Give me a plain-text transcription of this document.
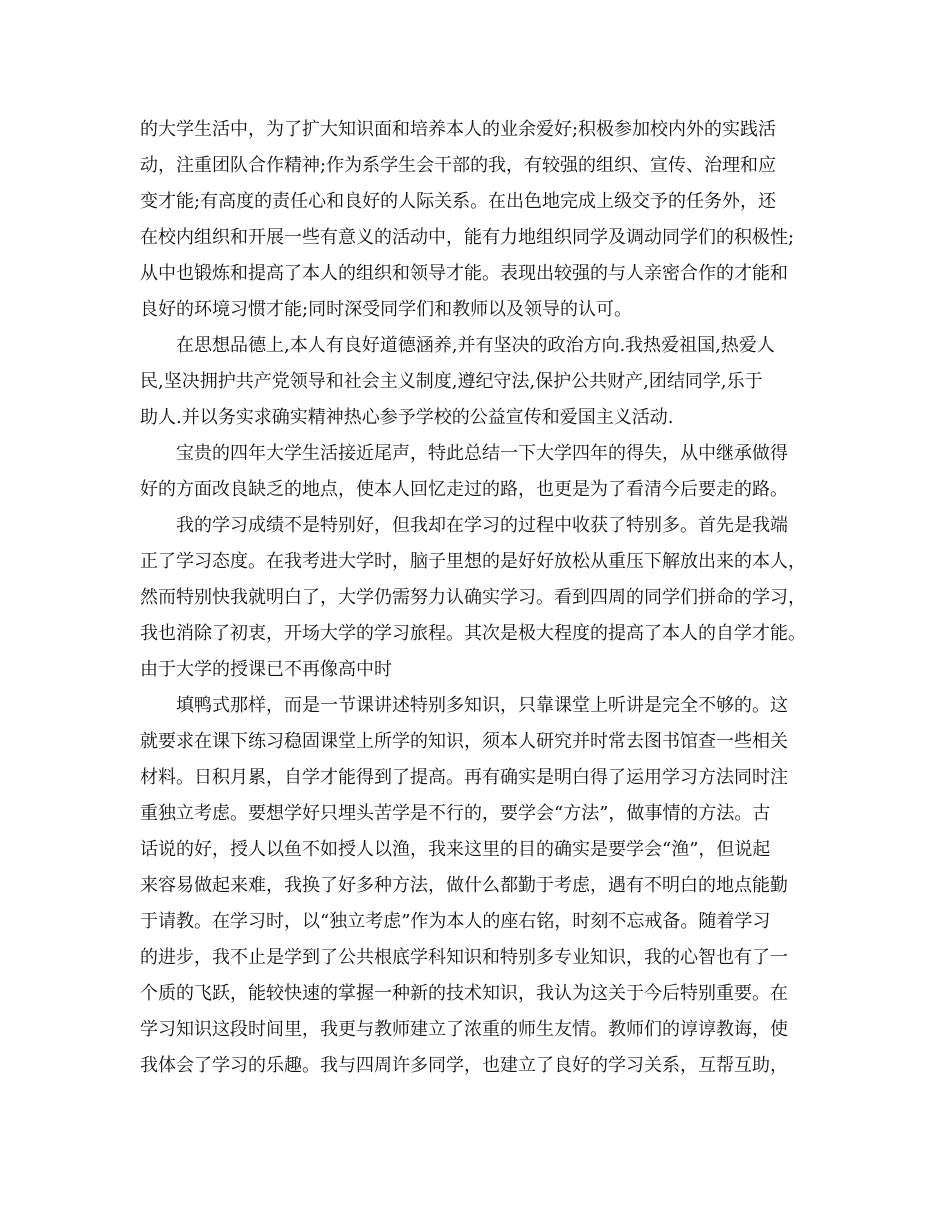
的大学生活中，为了扩大知识面和培养本人的业余爱好;积极参加校内外的实践活
动，注重团队合作精神;作为系学生会干部的我，有较强的组织、宣传、治理和应
变才能;有高度的责任心和良好的人际关系。在出色地完成上级交予的任务外，还
在校内组织和开展一些有意义的活动中，能有力地组织同学及调动同学们的积极性;
从中也锻炼和提高了本人的组织和领导才能。表现出较强的与人亲密合作的才能和
良好的环境习惯才能;同时深受同学们和教师以及领导的认可。
在思想品德上,本人有良好道德涵养,并有坚决的政治方向.我热爱祖国,热爱人
民,坚决拥护共产党领导和社会主义制度,遵纪守法,保护公共财产,团结同学,乐于
助人.并以务实求确实精神热心参予学校的公益宣传和爱国主义活动.
宝贵的四年大学生活接近尾声，特此总结一下大学四年的得失，从中继承做得
好的方面改良缺乏的地点，使本人回忆走过的路，也更是为了看清今后要走的路。
我的学习成绩不是特别好，但我却在学习的过程中收获了特别多。首先是我端
正了学习态度。在我考进大学时，脑子里想的是好好放松从重压下解放出来的本人，
然而特别快我就明白了，大学仍需努力认确实学习。看到四周的同学们拼命的学习，
我也消除了初衷，开场大学的学习旅程。其次是极大程度的提高了本人的自学才能。
由于大学的授课已不再像高中时
填鸭式那样，而是一节课讲述特别多知识，只靠课堂上听讲是完全不够的。这
就要求在课下练习稳固课堂上所学的知识，须本人研究并时常去图书馆查一些相关
材料。日积月累，自学才能得到了提高。再有确实是明白得了运用学习方法同时注
重独立考虑。要想学好只埋头苦学是不行的，要学会“方法”，做事情的方法。古
话说的好，授人以鱼不如授人以渔，我来这里的目的确实是要学会“渔”，但说起
来容易做起来难，我换了好多种方法，做什么都勤于考虑，遇有不明白的地点能勤
于请教。在学习时，以“独立考虑”作为本人的座右铭，时刻不忘戒备。随着学习
的进步，我不止是学到了公共根底学科知识和特别多专业知识，我的心智也有了一
个质的飞跃，能较快速的掌握一种新的技术知识，我认为这关于今后特别重要。在
学习知识这段时间里，我更与教师建立了浓重的师生友情。教师们的谆谆教诲，使
我体会了学习的乐趣。我与四周许多同学，也建立了良好的学习关系，互帮互助，
